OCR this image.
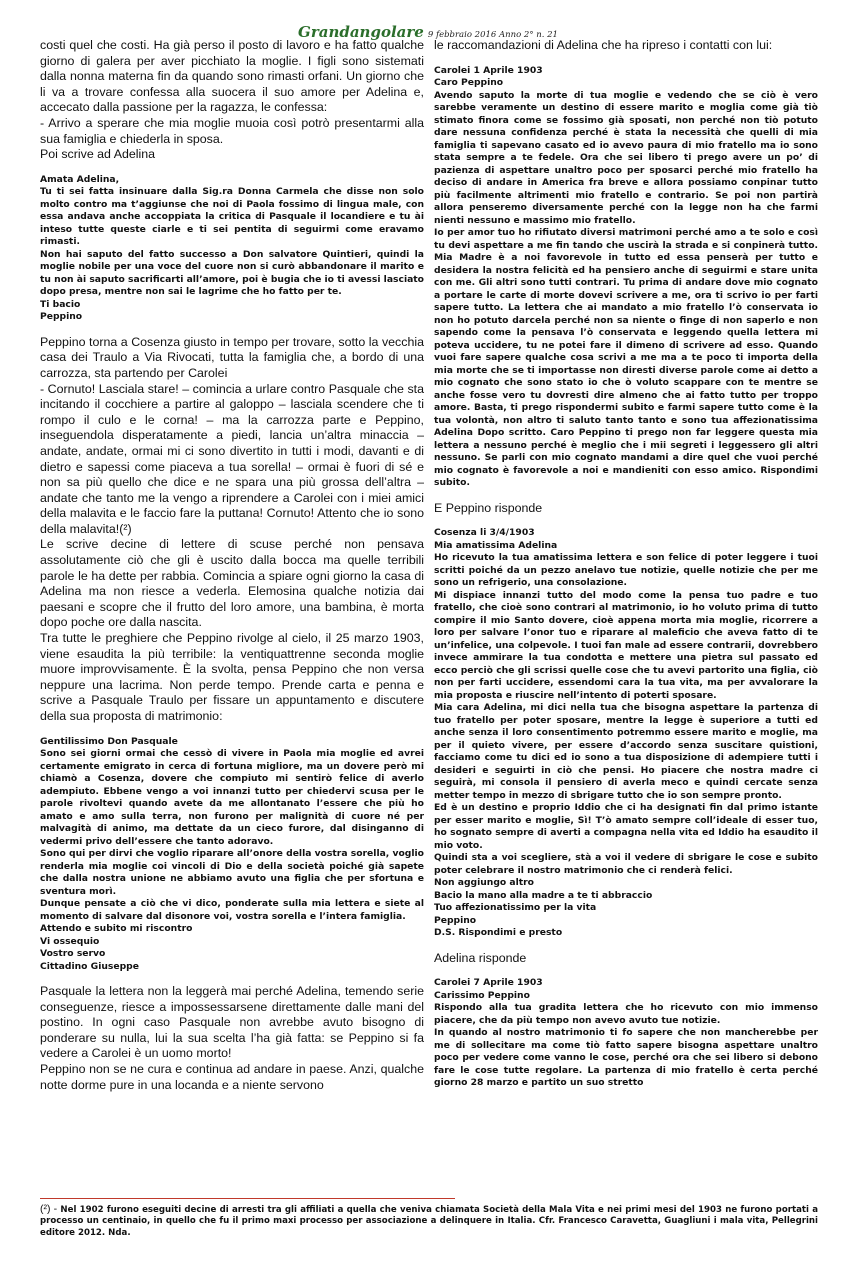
Grandangolare 9 febbraio 2016 Anno 2° n. 21

costi quel che costi. Ha già perso il posto di lavoro e ha fatto qualche giorno di galera per aver picchiato la moglie. I figli sono sistemati dalla nonna materna fin da quando sono rimasti orfani. Un giorno che li va a trovare confessa alla suocera il suo amore per Adelina e, accecato dalla passione per la ragazza, le confessa:

- Arrivo a sperare che mia moglie muoia così potrò presentarmi alla sua famiglia e chiederla in sposa.

Poi scrive ad Adelina

Amata Adelina,

Tu ti sei fatta insinuare dalla Sig.ra Donna Carmela che disse non solo molto contro ma t’aggiunse che noi di Paola fossimo di lingua male, con essa andava anche accoppiata la critica di Pasquale il locandiere e tu ài inteso tutte queste ciarle e ti sei pentita di seguirmi come eravamo rimasti.

Non hai saputo del fatto successo a Don salvatore Quintieri, quindi la moglie nobile per una voce del cuore non si curò abbandonare il marito e tu non ài saputo sacrificarti all’amore, poi è bugia che io ti avessi lasciato dopo presa, mentre non sai le lagrime che ho fatto per te.

Ti bacio

Peppino

Peppino torna a Cosenza giusto in tempo per trovare, sotto la vecchia casa dei Traulo a Via Rivocati, tutta la famiglia che, a bordo di una carrozza, sta partendo per Carolei

- Cornuto! Lasciala stare! – comincia a urlare contro Pasquale che sta incitando il cocchiere a partire al galoppo – lasciala scendere che ti rompo il culo e le corna! – ma la carrozza parte e Peppino, inseguendola disperatamente a piedi, lancia un’altra minaccia – andate, andate, ormai mi ci sono divertito in tutti i modi, davanti e di dietro e sapessi come piaceva a tua sorella! – ormai è fuori di sé e non sa più quello che dice e ne spara una più grossa dell’altra – andate che tanto me la vengo a riprendere a Carolei con i miei amici della malavita e le faccio fare la puttana! Cornuto! Attento che io sono della malavita!(²)

Le scrive decine di lettere di scuse perché non pensava assolutamente ciò che gli è uscito dalla bocca ma quelle terribili parole le ha dette per rabbia. Comincia a spiare ogni giorno la casa di Adelina ma non riesce a vederla. Elemosina qualche notizia dai paesani e scopre che il frutto del loro amore, una bambina, è morta dopo poche ore dalla nascita.

Tra tutte le preghiere che Peppino rivolge al cielo, il 25 marzo 1903, viene esaudita la più terribile: la ventiquattrenne seconda moglie muore improvvisamente. È la svolta, pensa Peppino che non versa neppure una lacrima. Non perde tempo. Prende carta e penna e scrive a Pasquale Traulo per fissare un appuntamento e discutere della sua proposta di matrimonio:

Gentilissimo Don Pasquale

Sono sei giorni ormai che cessò di vivere in Paola mia moglie ed avrei certamente emigrato in cerca di fortuna migliore, ma un dovere però mi chiamò a Cosenza, dovere che compiuto mi sentirò felice di averlo adempiuto. Ebbene vengo a voi innanzi tutto per chiedervi scusa per le parole rivoltevi quando avete da me allontanato l’essere che più ho amato e amo sulla terra, non furono per malignità di cuore né per malvagità di animo, ma dettate da un cieco furore, dal disinganno di vedermi privo dell’essere che tanto adoravo.

Sono qui per dirvi che voglio riparare all’onore della vostra sorella, voglio renderla mia moglie coi vincoli di Dio e della società poiché già sapete che dalla nostra unione ne abbiamo avuto una figlia che per sfortuna e sventura morì.

Dunque pensate a ciò che vi dico, ponderate sulla mia lettera e siete al momento di salvare dal disonore voi, vostra sorella e l’intera famiglia.

Attendo e subito mi riscontro

Vi ossequio

Vostro servo

Cittadino Giuseppe

Pasquale la lettera non la leggerà mai perché Adelina, temendo serie conseguenze, riesce a impossessarsene direttamente dalle mani del postino. In ogni caso Pasquale non avrebbe avuto bisogno di ponderare su nulla, lui la sua scelta l’ha già fatta: se Peppino si fa vedere a Carolei è un uomo morto!

Peppino non se ne cura e continua ad andare in paese. Anzi, qualche notte dorme pure in una locanda e a niente servono

le raccomandazioni di Adelina che ha ripreso i contatti con lui:

Carolei 1 Aprile 1903

Caro Peppino

Avendo saputo la morte di tua moglie e vedendo che se ciò è vero sarebbe veramente un destino di essere marito e moglia come già tiò stimato finora come se fossimo già sposati, non perché non tiò potuto dare nessuna confidenza perché è stata la necessità che quelli di mia famiglia ti sapevano casato ed io avevo paura di mio fratello ma io sono stata sempre a te fedele. Ora che sei libero ti prego avere un po’ di pazienza di aspettare unaltro poco per sposarci perché mio fratello ha deciso di andare in America fra breve e allora possiamo conpinar tutto più facilmente altrimenti mio fratello e contrario. Se poi non partirà allora penseremo diversamente perché con la legge non ha che farmi nienti nessuno e massimo mio fratello.

Io per amor tuo ho rifiutato diversi matrimoni perché amo a te solo e così tu devi aspettare a me fin tando che uscirà la strada e si conpinerà tutto. Mia Madre è a noi favorevole in tutto ed essa penserà per tutto e desidera la nostra felicità ed ha pensiero anche di seguirmi e stare unita con me. Gli altri sono tutti contrari. Tu prima di andare dove mio cognato a portare le carte di morte dovevi scrivere a me, ora ti scrivo io per farti sapere tutto. La lettera che ai mandato a mio fratello l’ò conservata io non ho potuto darcela perché non sa niente o finge di non saperlo e non sapendo come la pensava l’ò conservata e leggendo quella lettera mi poteva uccidere, tu ne potei fare il dimeno di scrivere ad esso. Quando vuoi fare sapere qualche cosa scrivi a me ma a te poco ti importa della mia morte che se ti importasse non diresti diverse parole come ai detto a mio cognato che sono stato io che ò voluto scappare con te mentre se anche fosse vero tu dovresti dire almeno che ai fatto tutto per troppo amore. Basta, ti prego rispondermi subito e farmi sapere tutto come è la tua volontà, non altro ti saluto tanto tanto e sono tua affezionatissima Adelina Dopo scritto. Caro Peppino ti prego non far leggere questa mia lettera a nessuno perché è meglio che i mii segreti i leggessero gli altri nessuno. Se parli con mio cognato mandami a dire quel che vuoi perché mio cognato è favorevole a noi e mandieniti con esso amico. Rispondimi subito.

E Peppino risponde

Cosenza li 3/4/1903

Mia amatissima Adelina

Ho ricevuto la tua amatissima lettera e son felice di poter leggere i tuoi scritti poiché da un pezzo anelavo tue notizie, quelle notizie che per me sono un refrigerio, una consolazione.

Mi dispiace innanzi tutto del modo come la pensa tuo padre e tuo fratello, che cioè sono contrari al matrimonio, io ho voluto prima di tutto compire il mio Santo dovere, cioè appena morta mia moglie, ricorrere a loro per salvare l’onor tuo e riparare al maleficio che aveva fatto di te un’infelice, una colpevole. I tuoi fan male ad essere contrarii, dovrebbero invece ammirare la tua condotta e mettere una pietra sul passato ed ecco perciò che gli scrissi quelle cose che tu avevi partorito una figlia, ciò non per farti uccidere, essendomi cara la tua vita, ma per avvalorare la mia proposta e riuscire nell’intento di poterti sposare.

Mia cara Adelina, mi dici nella tua che bisogna aspettare la partenza di tuo fratello per poter sposare, mentre la legge è superiore a tutti ed anche senza il loro consentimento potremmo essere marito e moglie, ma per il quieto vivere, per essere d’accordo senza suscitare quistioni, facciamo come tu dici ed io sono a tua disposizione di adempiere tutti i desideri e seguirti in ciò che pensi. Ho piacere che nostra madre ci seguirà, mi consola il pensiero di averla meco e quindi cercate senza metter tempo in mezzo di sbrigare tutto che io son sempre pronto.

Ed è un destino e proprio Iddio che ci ha designati fin dal primo istante per esser marito e moglie, Sì! T’ò amato sempre coll’ideale di esser tuo, ho sognato sempre di averti a compagna nella vita ed Iddio ha esaudito il mio voto.

Quindi sta a voi scegliere, stà a voi il vedere di sbrigare le cose e subito poter celebrare il nostro matrimonio che ci renderà felici.

Non aggiungo altro

Bacio la mano alla madre a te ti abbraccio

Tuo affezionatissimo per la vita

Peppino

D.S. Rispondimi e presto

Adelina risponde

Carolei 7 Aprile 1903

Carissimo Peppino

Rispondo alla tua gradita lettera che ho ricevuto con mio immenso piacere, che da più tempo non avevo avuto tue notizie.

In quando al nostro matrimonio ti fo sapere che non mancherebbe per me di sollecitare ma come tiò fatto sapere bisogna aspettare unaltro poco per vedere come vanno le cose, perché ora che sei libero si debono fare le cose tutte regolare. La partenza di mio fratello è certa perché giorno 28 marzo e partito un suo stretto

(²) - Nel 1902 furono eseguiti decine di arresti tra gli affiliati a quella che veniva chiamata Società della Mala Vita e nei primi mesi del 1903 ne furono portati a processo un centinaio, in quello che fu il primo maxi processo per associazione a delinquere in Italia. Cfr. Francesco Caravetta, Guagliuni i mala vita, Pellegrini editore 2012. Nda.
